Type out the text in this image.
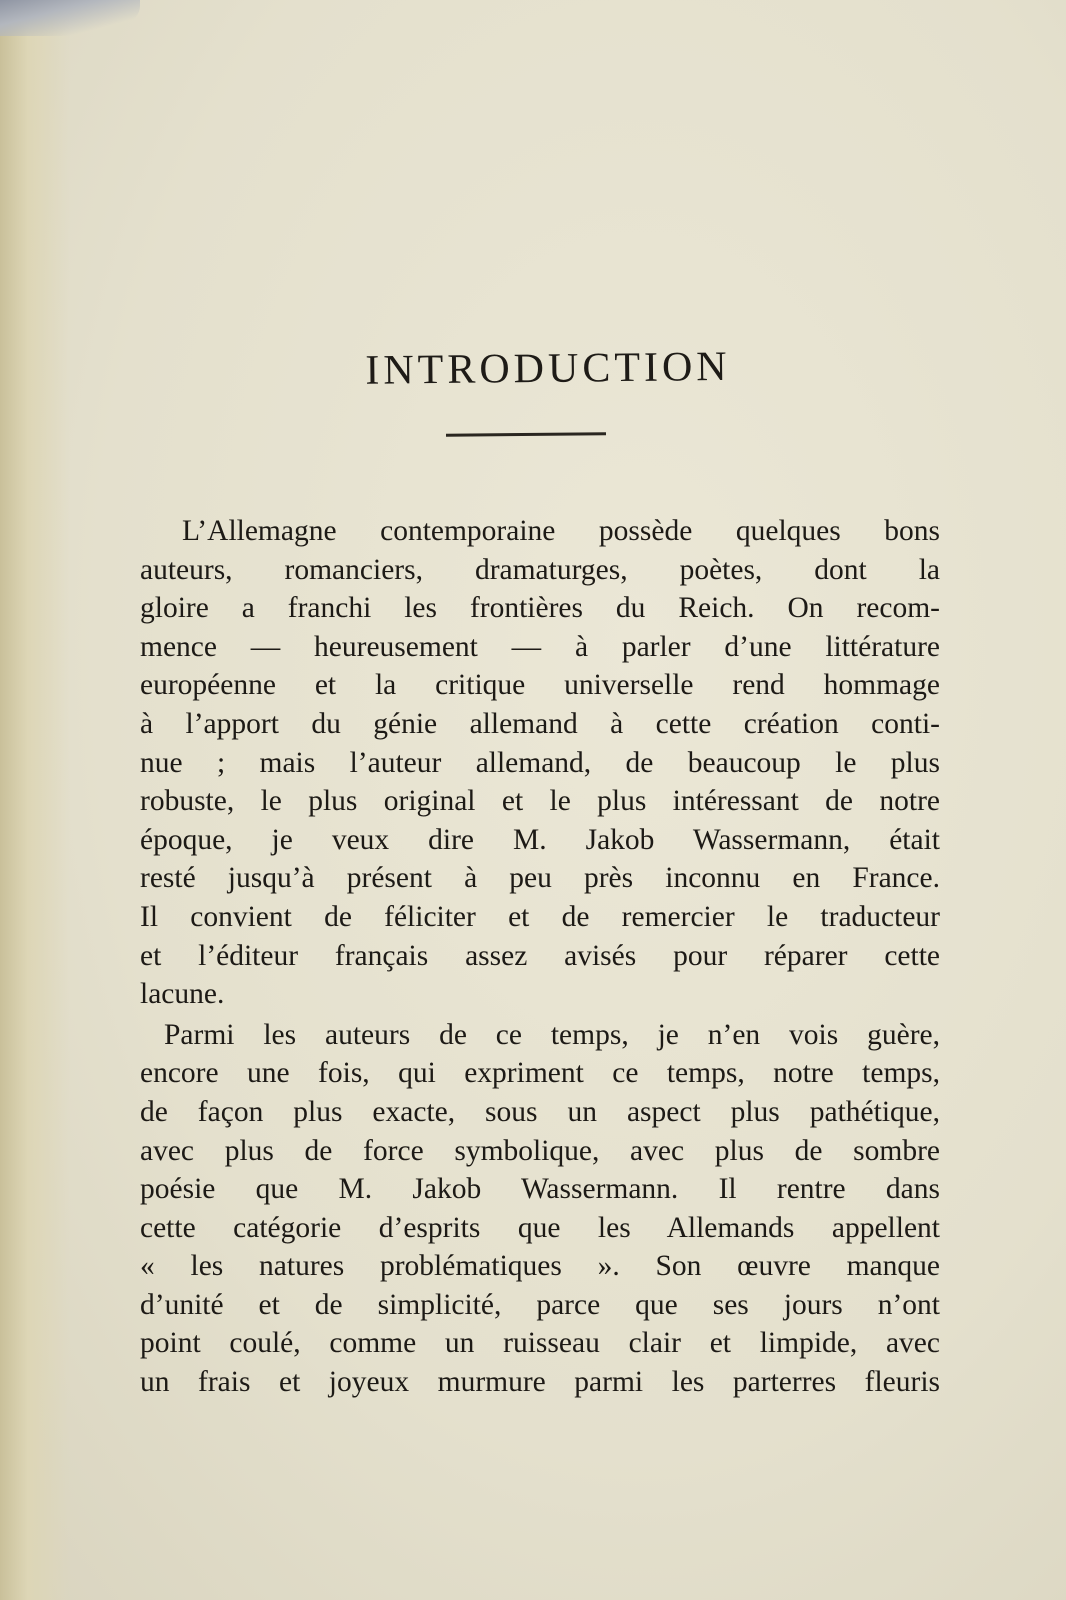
INTRODUCTION
L’Allemagne contemporaine possède quelques bons
auteurs, romanciers, dramaturges, poètes, dont la
gloire a franchi les frontières du Reich. On recom-
mence — heureusement — à parler d’une littérature
européenne et la critique universelle rend hommage
à l’apport du génie allemand à cette création conti-
nue ; mais l’auteur allemand, de beaucoup le plus
robuste, le plus original et le plus intéressant de notre
époque, je veux dire M. Jakob Wassermann, était
resté jusqu’à présent à peu près inconnu en France.
Il convient de féliciter et de remercier le traducteur
et l’éditeur français assez avisés pour réparer cette
lacune.
Parmi les auteurs de ce temps, je n’en vois guère,
encore une fois, qui expriment ce temps, notre temps,
de façon plus exacte, sous un aspect plus pathétique,
avec plus de force symbolique, avec plus de sombre
poésie que M. Jakob Wassermann. Il rentre dans
cette catégorie d’esprits que les Allemands appellent
« les natures problématiques ». Son œuvre manque
d’unité et de simplicité, parce que ses jours n’ont
point coulé, comme un ruisseau clair et limpide, avec
un frais et joyeux murmure parmi les parterres fleuris
